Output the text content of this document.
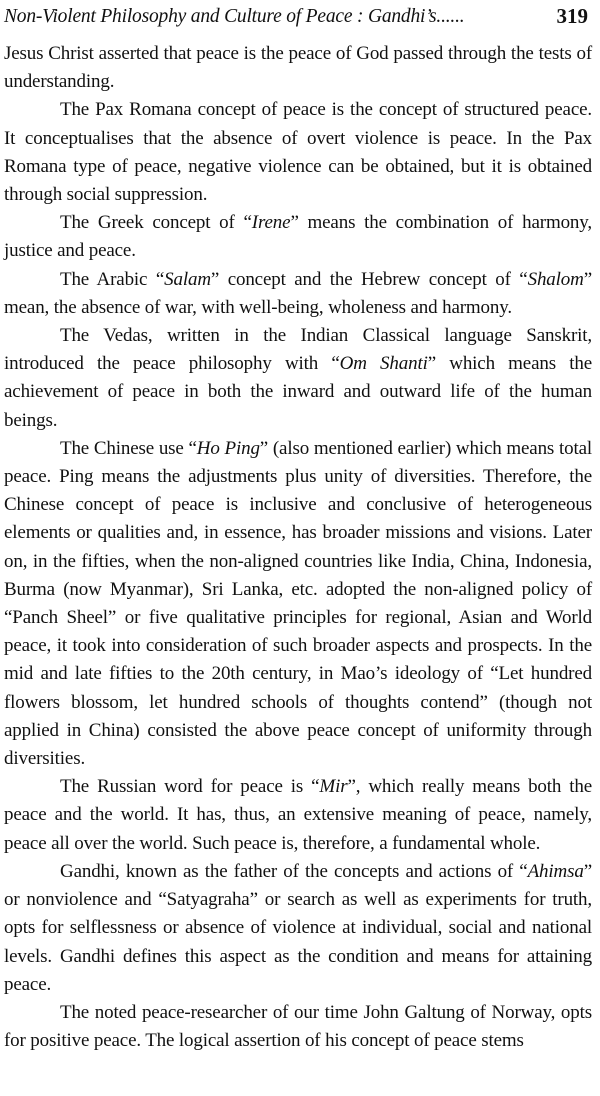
Non-Violent Philosophy and Culture of Peace : Gandhi’s......	319

Jesus Christ asserted that peace is the peace of God passed through the tests of understanding.

The Pax Romana concept of peace is the concept of structured peace. It conceptualises that the absence of overt violence is peace. In the Pax Romana type of peace, negative violence can be obtained, but it is obtained through social suppression.

The Greek concept of “Irene” means the combination of harmony, justice and peace.

The Arabic “Salam” concept and the Hebrew concept of “Shalom” mean, the absence of war, with well-being, wholeness and harmony.

The Vedas, written in the Indian Classical language Sanskrit, introduced the peace philosophy with “Om Shanti” which means the achievement of peace in both the inward and outward life of the human beings.

The Chinese use “Ho Ping” (also mentioned earlier) which means total peace. Ping means the adjustments plus unity of diversities. Therefore, the Chinese concept of peace is inclusive and conclusive of heterogeneous elements or qualities and, in essence, has broader missions and visions. Later on, in the fifties, when the non-aligned countries like India, China, Indonesia, Burma (now Myanmar), Sri Lanka, etc. adopted the non-aligned policy of “Panch Sheel” or five qualitative principles for regional, Asian and World peace, it took into consideration of such broader aspects and prospects. In the mid and late fifties to the 20th century, in Mao’s ideology of “Let hundred flowers blossom, let hundred schools of thoughts contend” (though not applied in China) consisted the above peace concept of uniformity through diversities.

The Russian word for peace is “Mir”, which really means both the peace and the world. It has, thus, an extensive meaning of peace, namely, peace all over the world. Such peace is, therefore, a fundamental whole.

Gandhi, known as the father of the concepts and actions of “Ahimsa” or nonviolence and “Satyagraha” or search as well as experiments for truth, opts for selflessness or absence of violence at individual, social and national levels. Gandhi defines this aspect as the condition and means for attaining peace.

The noted peace-researcher of our time John Galtung of Norway, opts for positive peace. The logical assertion of his concept of peace stems
